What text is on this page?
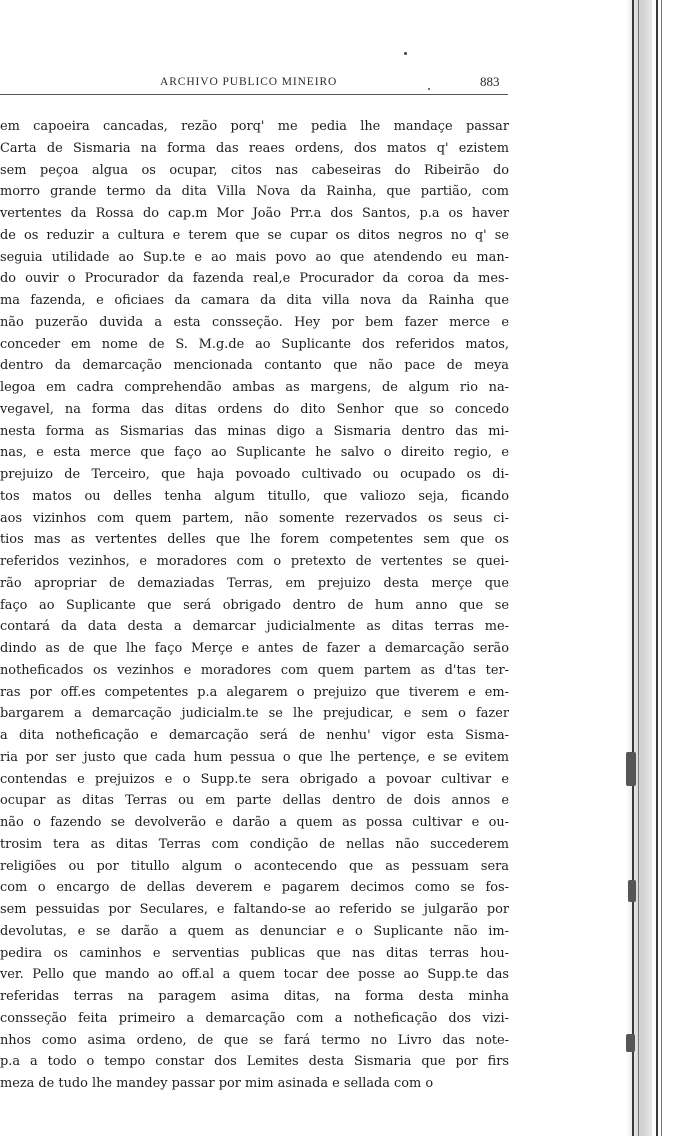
ARCHIVO PUBLICO MINEIRO	883
em capoeira cancadas, rezão porq' me pedia lhe mandaçe passar
Carta de Sismaria na forma das reaes ordens, dos matos q' ezistem
sem peçoa algua os ocupar, citos nas cabeseiras do Ribeirão do
morro grande termo da dita Villa Nova da Rainha, que partião, com
vertentes da Rossa do cap.m Mor João Prr.a dos Santos, p.a os haver
de os reduzir a cultura e terem que se cupar os ditos negros no q' se
seguia utilidade ao Sup.te e ao mais povo ao que atendendo eu man-
do ouvir o Procurador da fazenda real,e Procurador da coroa da mes-
ma fazenda, e oficiaes da camara da dita villa nova da Rainha que
não puzerão duvida a esta consseção. Hey por bem fazer merce e
conceder em nome de S. M.g.de ao Suplicante dos referidos matos,
dentro da demarcação mencionada contanto que não pace de meya
legoa em cadra comprehendão ambas as margens, de algum rio na-
vegavel, na forma das ditas ordens do dito Senhor que so concedo
nesta forma as Sismarias das minas digo a Sismaria dentro das mi-
nas, e esta merce que faço ao Suplicante he salvo o direito regio, e
prejuizo de Terceiro, que haja povoado cultivado ou ocupado os di-
tos matos ou delles tenha algum titullo, que valiozo seja, ficando
aos vizinhos com quem partem, não somente rezervados os seus ci-
tios mas as vertentes delles que lhe forem competentes sem que os
referidos vezinhos, e moradores com o pretexto de vertentes se quei-
rão apropriar de demaziadas Terras, em prejuizo desta merçe que
faço ao Suplicante que será obrigado dentro de hum anno que se
contará da data desta a demarcar judicialmente as ditas terras me-
dindo as de que lhe faço Merçe e antes de fazer a demarcação serão
notheficados os vezinhos e moradores com quem partem as d'tas ter-
ras por off.es competentes p.a alegarem o prejuizo que tiverem e em-
bargarem a demarcação judicialm.te se lhe prejudicar, e sem o fazer
a dita notheficação e demarcação será de nenhu' vigor esta Sisma-
ria por ser justo que cada hum pessua o que lhe pertençe, e se evitem
contendas e prejuizos e o Supp.te sera obrigado a povoar cultivar e
ocupar as ditas Terras ou em parte dellas dentro de dois annos e
não o fazendo se devolverão e darão a quem as possa cultivar e ou-
trosim tera as ditas Terras com condição de nellas não succederem
religiões ou por titullo algum o acontecendo que as pessuam sera
com o encargo de dellas deverem e pagarem decimos como se fos-
sem pessuidas por Seculares, e faltando-se ao referido se julgarão por
devolutas, e se darão a quem as denunciar e o Suplicante não im-
pedira os caminhos e serventias publicas que nas ditas terras hou-
ver. Pello que mando ao off.al a quem tocar dee posse ao Supp.te das
referidas terras na paragem asima ditas, na forma desta minha
consseção feita primeiro a demarcação com a notheficação dos vizi-
nhos como asima ordeno, de que se fará termo no Livro das note-
p.a a todo o tempo constar dos Lemites desta Sismaria que por firs
meza de tudo lhe mandey passar por mim asinada e sellada com o
